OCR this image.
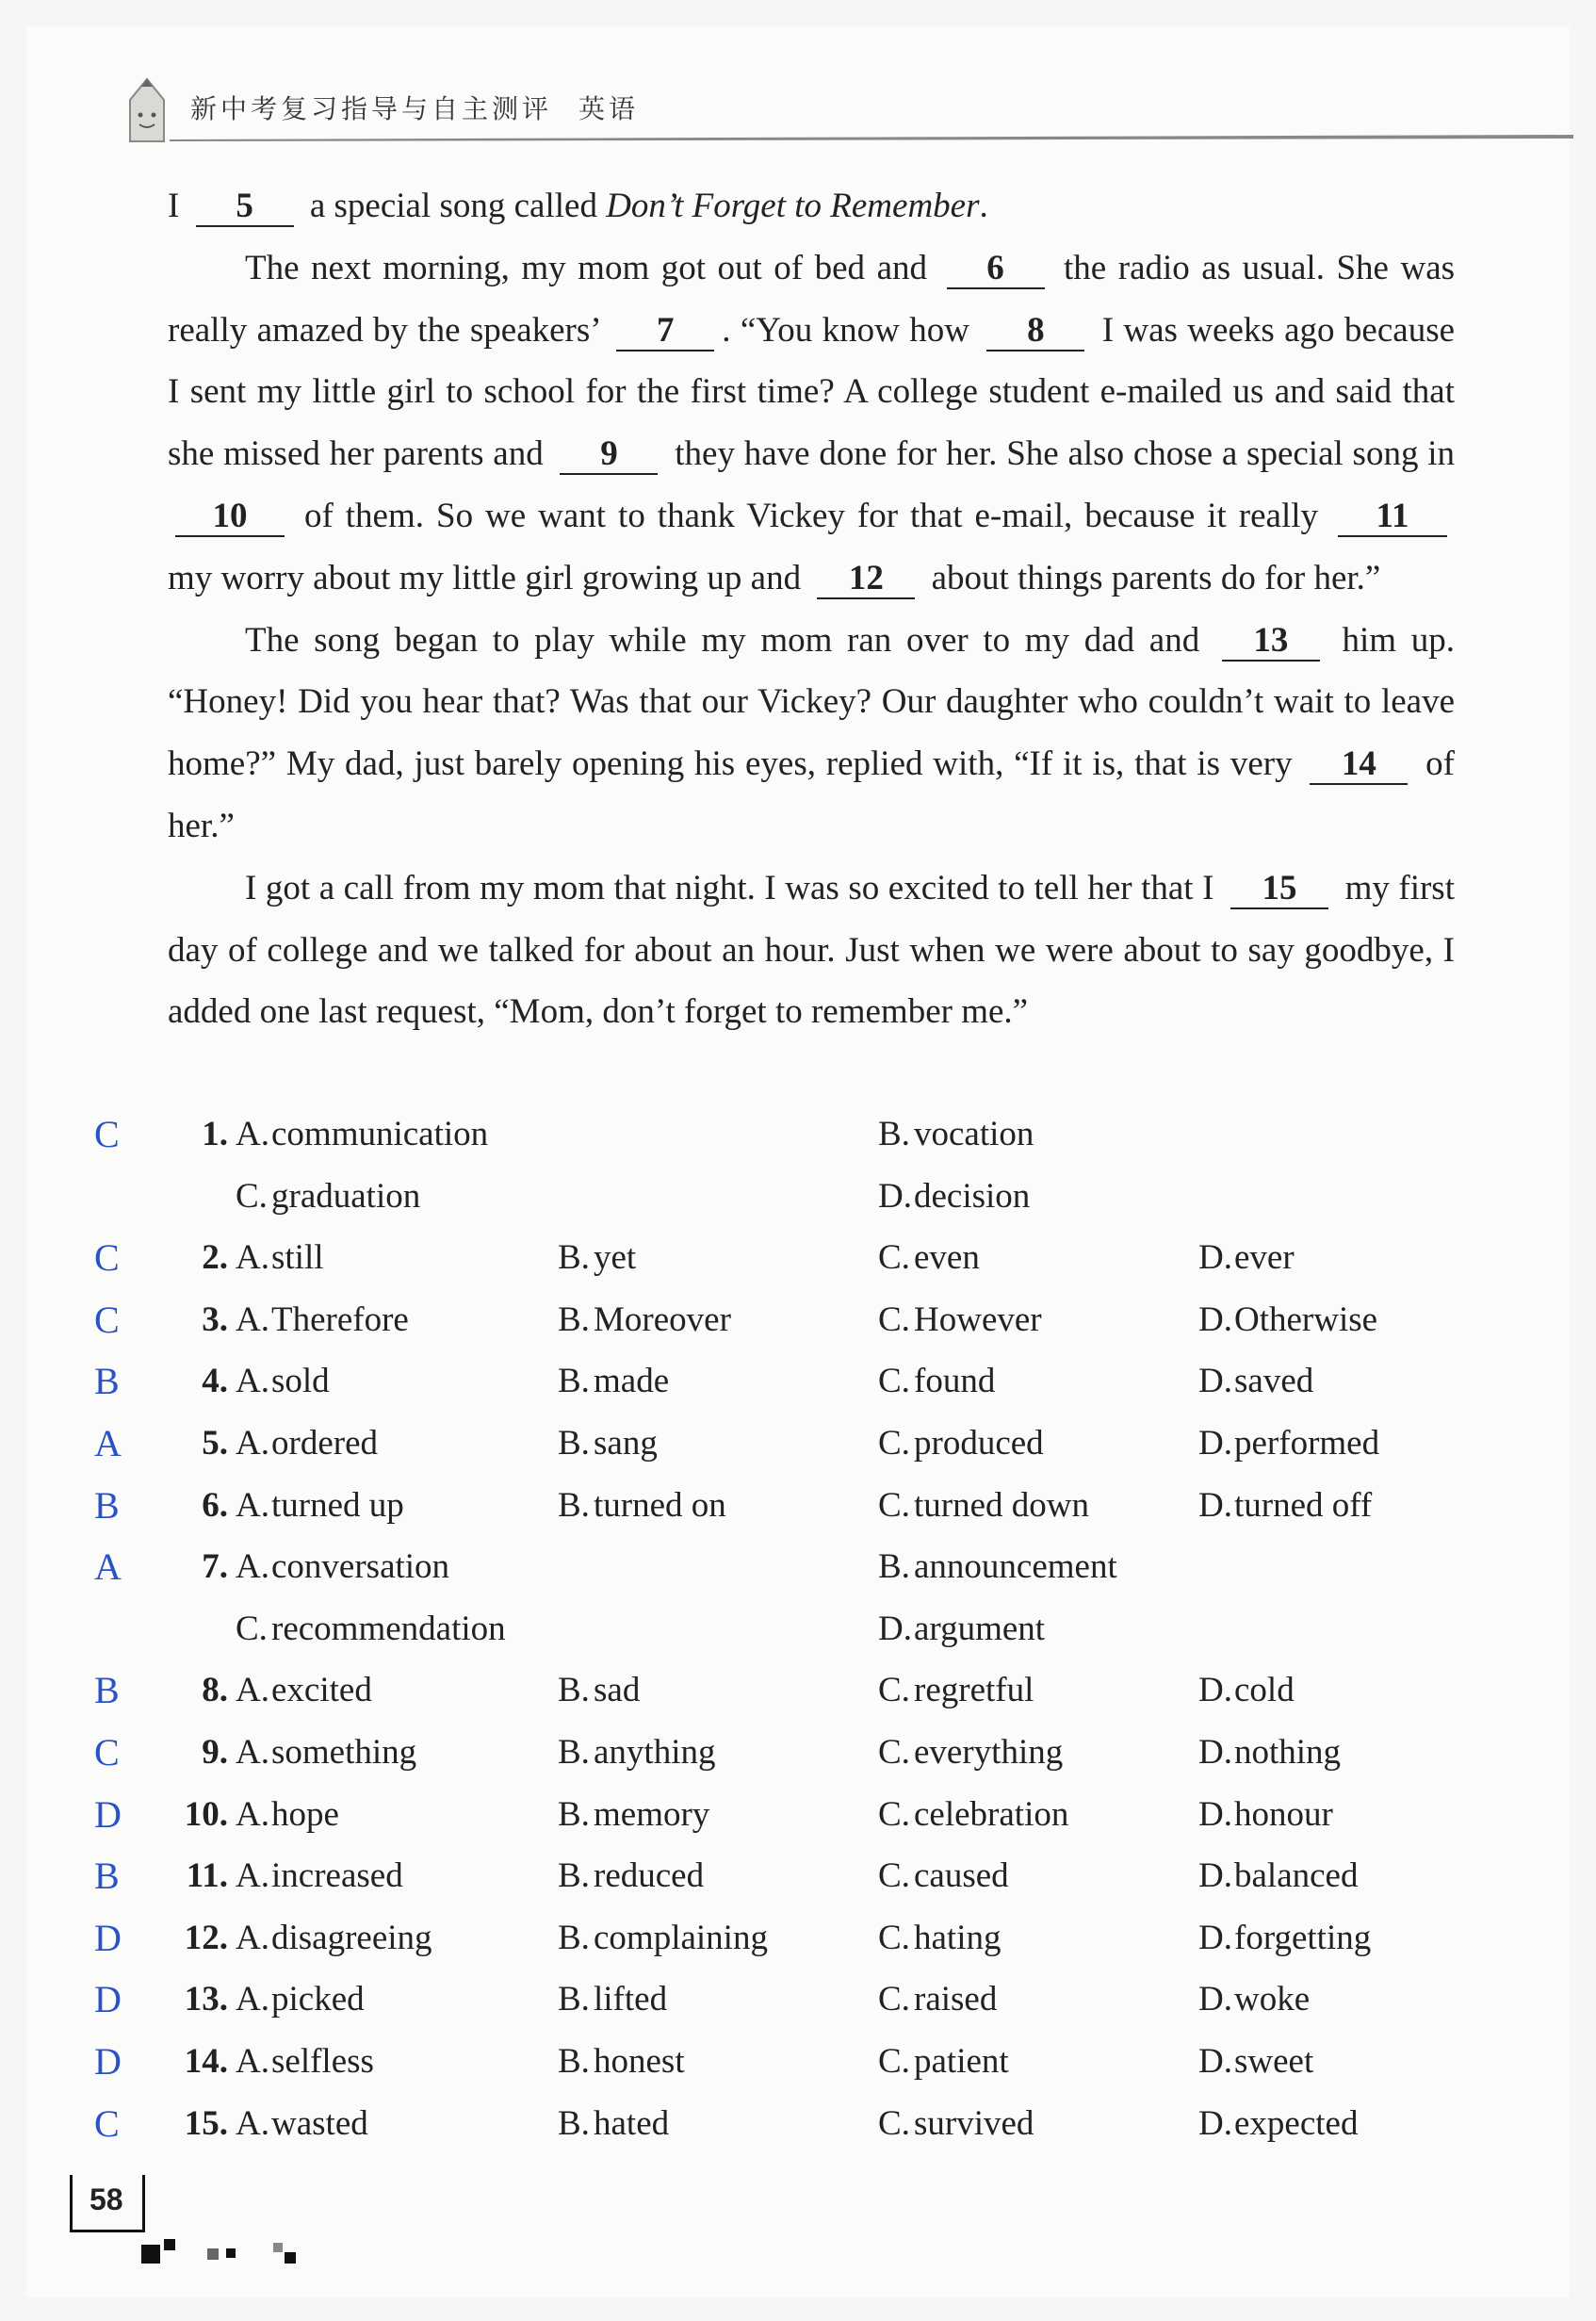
新中考复习指导与自主测评 英语

I 5 a special song called Don’t Forget to Remember.

The next morning, my mom got out of bed and 6 the radio as usual. She was really amazed by the speakers’ 7 . “You know how 8 I was weeks ago because I sent my little girl to school for the first time? A college student e-mailed us and said that she missed her parents and 9 they have done for her. She also chose a special song in 10 of them. So we want to thank Vickey for that e-mail, because it really 11 my worry about my little girl growing up and 12 about things parents do for her.”

The song began to play while my mom ran over to my dad and 13 him up. “Honey! Did you hear that? Was that our Vickey? Our daughter who couldn’t wait to leave home?” My dad, just barely opening his eyes, replied with, “If it is, that is very 14 of her.”

I got a call from my mom that night. I was so excited to tell her that I 15 my first day of college and we talked for about an hour. Just when we were about to say goodbye, I added one last request, “Mom, don’t forget to remember me.”

C	1. A.communication	B. vocation
C. graduation	D.decision
C	2. A.still	B. yet	C. even	D.ever
C	3. A.Therefore	B. Moreover	C. However	D.Otherwise
B	4. A.sold	B. made	C. found	D.saved
A	5. A.ordered	B. sang	C. produced	D.performed
B	6. A.turned up	B. turned on	C. turned down	D.turned off
A	7. A.conversation	B. announcement
C. recommendation	D.argument
B	8. A.excited	B. sad	C. regretful	D.cold
C	9. A.something	B. anything	C. everything	D.nothing
D 10. A.hope	B. memory	C. celebration	D.honour
B 11. A.increased	B. reduced	C. caused	D.balanced
D 12. A.disagreeing	B. complaining	C. hating	D.forgetting
D 13. A.picked	B. lifted	C. raised	D.woke
D 14. A.selfless	B. honest	C. patient	D.sweet
C 15. A.wasted	B. hated	C. survived	D.expected
58
